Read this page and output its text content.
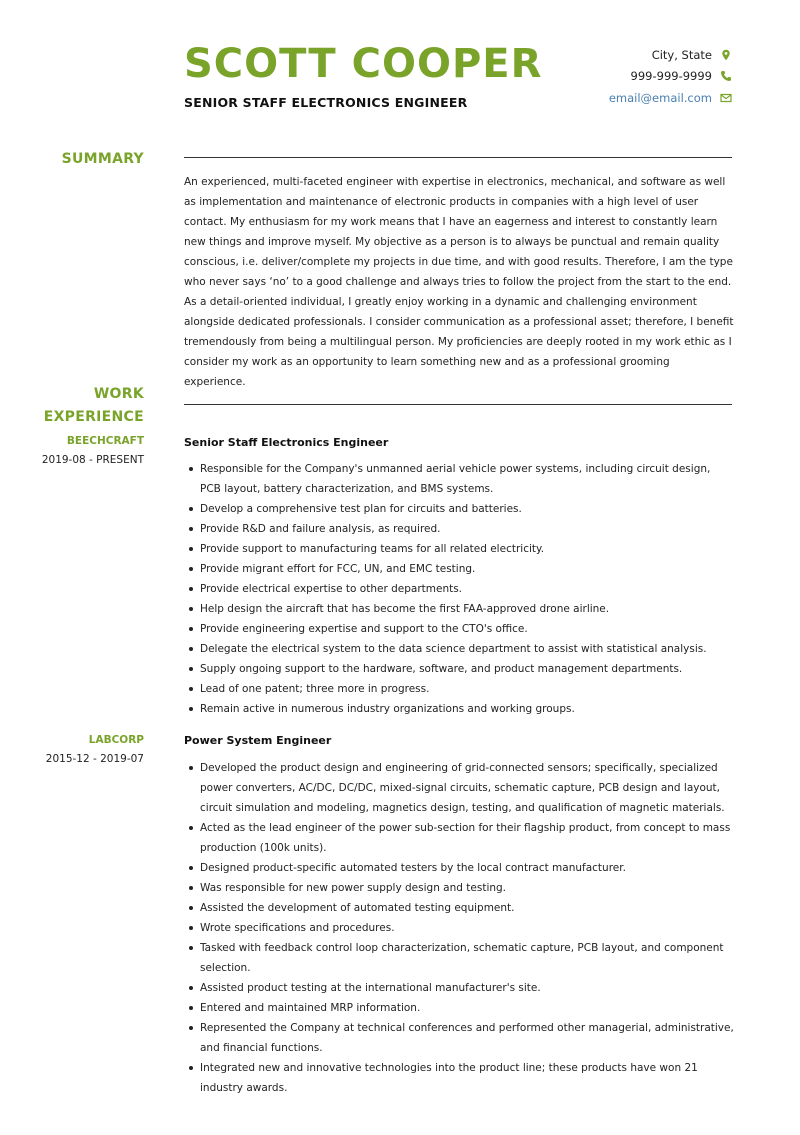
SCOTT COOPER
SENIOR STAFF ELECTRONICS ENGINEER
City, State
999-999-9999
email@email.com
SUMMARY

An experienced, multi-faceted engineer with expertise in electronics, mechanical, and software as well as implementation and maintenance of electronic products in companies with a high level of user contact. My enthusiasm for my work means that I have an eagerness and interest to constantly learn new things and improve myself. My objective as a person is to always be punctual and remain quality conscious, i.e. deliver/complete my projects in due time, and with good results. Therefore, I am the type who never says ‘no’ to a good challenge and always tries to follow the project from the start to the end. As a detail-oriented individual, I greatly enjoy working in a dynamic and challenging environment alongside dedicated professionals. I consider communication as a professional asset; therefore, I benefit tremendously from being a multilingual person. My proficiencies are deeply rooted in my work ethic as I consider my work as an opportunity to learn something new and as a professional grooming experience.

WORK
EXPERIENCE
BEECHCRAFT
2019-08 - PRESENT
Senior Staff Electronics Engineer
Responsible for the Company's unmanned aerial vehicle power systems, including circuit design, PCB layout, battery characterization, and BMS systems.
Develop a comprehensive test plan for circuits and batteries.
Provide R&D and failure analysis, as required.
Provide support to manufacturing teams for all related electricity.
Provide migrant effort for FCC, UN, and EMC testing.
Provide electrical expertise to other departments.
Help design the aircraft that has become the first FAA-approved drone airline.
Provide engineering expertise and support to the CTO's office.
Delegate the electrical system to the data science department to assist with statistical analysis.
Supply ongoing support to the hardware, software, and product management departments.
Lead of one patent; three more in progress.
Remain active in numerous industry organizations and working groups.
LABCORP
2015-12 - 2019-07
Power System Engineer
Developed the product design and engineering of grid-connected sensors; specifically, specialized power converters, AC/DC, DC/DC, mixed-signal circuits, schematic capture, PCB design and layout, circuit simulation and modeling, magnetics design, testing, and qualification of magnetic materials.
Acted as the lead engineer of the power sub-section for their flagship product, from concept to mass production (100k units).
Designed product-specific automated testers by the local contract manufacturer.
Was responsible for new power supply design and testing.
Assisted the development of automated testing equipment.
Wrote specifications and procedures.
Tasked with feedback control loop characterization, schematic capture, PCB layout, and component selection.
Assisted product testing at the international manufacturer's site.
Entered and maintained MRP information.
Represented the Company at technical conferences and performed other managerial, administrative, and financial functions.
Integrated new and innovative technologies into the product line; these products have won 21 industry awards.
